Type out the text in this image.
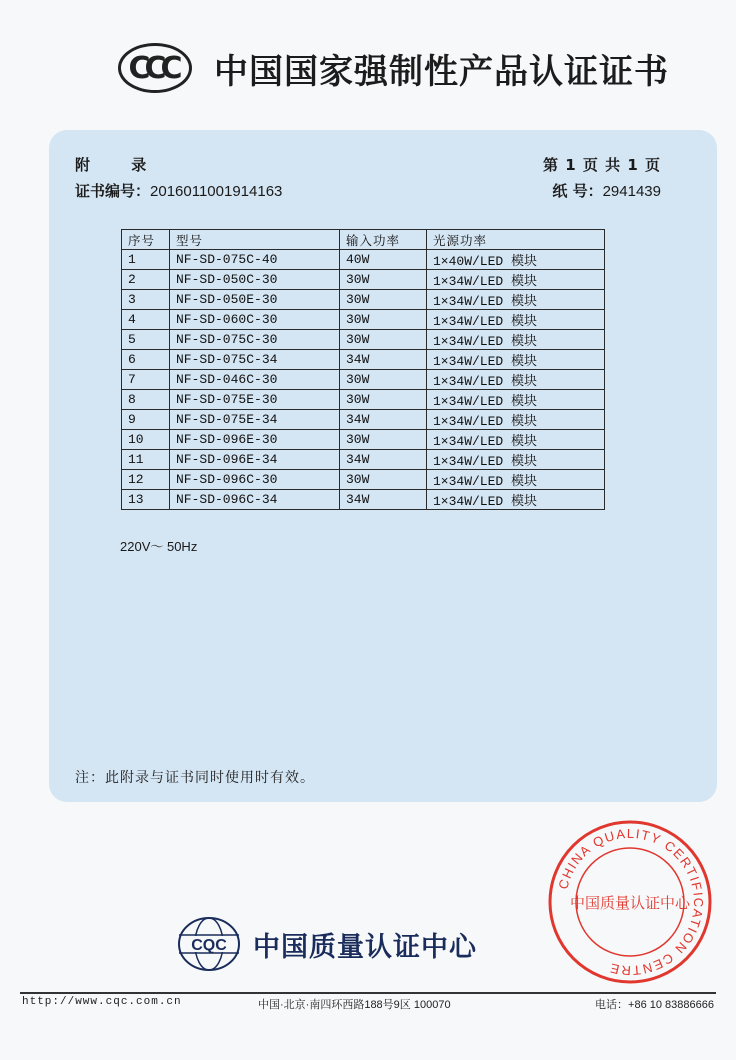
CCC	中国国家强制性产品认证证书
附 录	第 1 页 共 1 页
证书编号：2016011001914163	纸 号：2941439
序号	型号	输入功率	光源功率
1	NF-SD-075C-40	40W	1×40W/LED 模块
2	NF-SD-050C-30	30W	1×34W/LED 模块
3	NF-SD-050E-30	30W	1×34W/LED 模块
4	NF-SD-060C-30	30W	1×34W/LED 模块
5	NF-SD-075C-30	30W	1×34W/LED 模块
6	NF-SD-075C-34	34W	1×34W/LED 模块
7	NF-SD-046C-30	30W	1×34W/LED 模块
8	NF-SD-075E-30	30W	1×34W/LED 模块
9	NF-SD-075E-34	34W	1×34W/LED 模块
10	NF-SD-096E-30	30W	1×34W/LED 模块
11	NF-SD-096E-34	34W	1×34W/LED 模块
12	NF-SD-096C-30	30W	1×34W/LED 模块
13	NF-SD-096C-34	34W	1×34W/LED 模块
220V～ 50Hz
注：此附录与证书同时使用时有效。
CHINA QUALITY CERTIFICATION CENTRE
中国质量认证中心
CQC 中国质量认证中心
http://www.cqc.com.cn	中国·北京·南四环西路188号9区 100070	电话：+86 10 83886666
